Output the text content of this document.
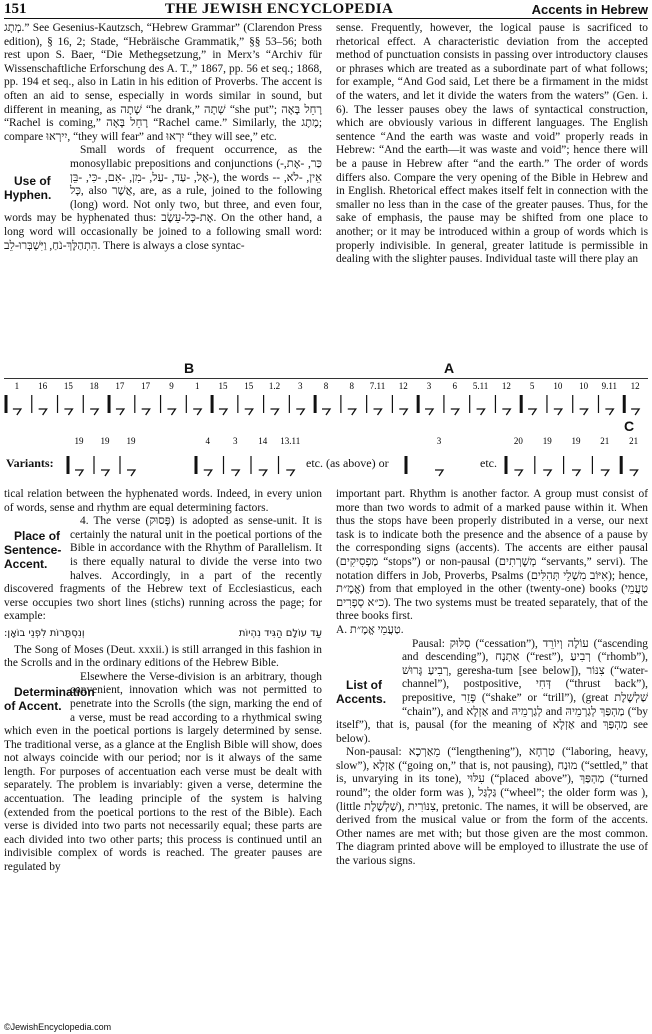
151	THE JEWISH ENCYCLOPEDIA	Accents in Hebrew

מְתָג.” See Gesenius-Kautzsch, “Hebrew Grammar” (Clarendon Press edition), § 16, 2; Stade, “Hebräische Grammatik,” §§ 53–56; both rest upon S. Baer, “Die Methegsetzung,” in Merx’s “Archiv für Wissenschaftliche Erforschung des A. T.,” 1867, pp. 56 et seq.; 1868, pp. 194 et seq., also in Latin in his edition of Proverbs. The accent is often an aid to sense, especially in words similar in sound, but different in meaning, as שָׁתָה “he drank,” שְׁתָה “she put”; רָחֵל בָּאָה “Rachel is coming,” רָחֵל בָּאָה “Rachel came.” Similarly, the מֶתֶג; compare יִירְאוּ, “they will fear” and יִרְאוּ “they will see,” etc.

Use of Hyphen.
Small words of frequent occurrence, as the monosyllabic prepositions and conjunctions (-כַּר, -אֶת, -אֶל, -עַד, -עַל, -מִן, -אִם, -כִּי, -בֵּן), the words -אֵין, -לֹא, -כָּל, also אֲשֶׁר, are, as a rule, joined to the following (long) word. Not only two, but three, and even four, words may be hyphenated thus: אֶת-כָּל-עֵשֶׂב. On the other hand, a long word will occasionally be joined to a following small word: הִתְהַלֶּךְ-נֹחַ, וַיִּשְׁבְּרוּ-לֵב. There is always a close syntac-

sense. Frequently, however, the logical pause is sacrificed to rhetorical effect. A characteristic deviation from the accepted method of punctuation consists in passing over introductory clauses or phrases which are treated as a subordinate part of what follows; for example, “And God said, Let there be a firmament in the midst of the waters, and let it divide the waters from the waters” (Gen. i. 6). The lesser pauses obey the laws of syntactical construction, which are obviously various in different languages. The English sentence “And the earth was waste and void” properly reads in Hebrew: “And the earth—it was waste and void”; hence there will be a pause in Hebrew after “and the earth.” The order of words differs also. Compare the very opening of the Bible in Hebrew and in English. Rhetorical effect makes itself felt in connection with the smaller no less than in the case of the greater pauses. Thus, for the sake of emphasis, the pause may be shifted from one place to another; or it may be introduced within a group of words which is properly indivisible. In general, greater latitude is permissible in dealing with the slighter pauses. Individual taste will there play an

B	A
C
1 16 15 18 17 17 9 1 15 15 1.2 3 8 8 7.11 12 3 6 5.11 12 5 10 10 9.11 12
19 19 19	4	3 14 13.11	3	20 19 19 21 21
Variants:	etc. (as above) or	etc.

tical relation between the hyphenated words. Indeed, in every union of words, sense and rhythm are equal determining factors.

Place of Sentence-Accent.
4. The verse (פָּסוּק) is adopted as sense-unit. It is certainly the natural unit in the poetical portions of the Bible in accordance with the Rhythm of Parallelism. It is there equally natural to divide the verse into two halves. Accordingly, in a part of the recently discovered fragments of the Hebrew text of Ecclesiasticus, each verse occupies two short lines (stichs) running across the page; for example:

עַד עוֹלָם הַגִּיד נִהְיוֹת
וְנִסְתָּרוֹת לִפְנֵי בוֹאָן:

The Song of Moses (Deut. xxxii.) is still arranged in this fashion in the Scrolls and in the ordinary editions of the Hebrew Bible.

Determination of Accent.
Elsewhere the Verse-division is an arbitrary, though convenient, innovation which was not permitted to penetrate into the Scrolls (the sign, marking the end of a verse, must be read according to a rhythmical swing which even in the poetical portions is largely determined by sense. The traditional verse, as a glance at the English Bible will show, does not always coincide with our period; nor is it always of the same length. For purposes of accentuation each verse must be dealt with separately. The problem is invariably: given a verse, determine the accentuation. The leading principle of the system is halving (extended from the poetical portions to the rest of the Bible). Each verse is divided into two parts not necessarily equal; these parts are each divided into two other parts; this process is continued until an indivisible complex of words is reached. The greater pauses are regulated by

important part. Rhythm is another factor. A group must consist of more than two words to admit of a marked pause within it. When thus the stops have been properly distributed in a verse, our next task is to indicate both the presence and the absence of a pause by the corresponding signs (accents). The accents are either pausal (מַפְסִיקִים “stops”) or non-pausal (מְשָׁרְתִים “servants,” servi). The notation differs in Job, Proverbs, Psalms (אִיּוֹב מִשְׁלֵי תְּהִלִּים); hence, אֱמֶ״ת) from that employed in the other (twenty-one) books (טַעֲמֵי כ״א סְפָרִים). The two systems must be treated separately, that of the three books first.

A. טַעֲמֵי אֱמֶ״ת.

List of Accents.
Pausal: סִלּוּק (“cessation”), עוֹלֶה וְיוֹרֵד (“ascending and descending”), אַתְנָח (“rest”), רְבִיעַ (“rhomb”), רְבִיעַ גָּרוּשׁ, geresha-tum [see below]), צִנּוֹר (“water-channel”), postpositive, דְּחִי (“thrust back”), prepositive, פָּזֵר (“shake” or “trill”), (great שַׁלְשֶׁלֶת “chain”), and אַזְלָא and לְגַרְמֵיהּ and מַהְפַּךְ לְגַרְמֵיהּ (“by itself”), that is, pausal (for the meaning of אַזְלָא and מַהְפַּךְ see below).

Non-pausal: מֵאַרְכָא (“lengthening”), טַרְחָא (“laboring, heavy, slow”), אַזְלָא (“going on,” that is, not pausing), מוּנַח (“settled,” that is, unvarying in its tone), עִלּוּי (“placed above”), מַהְפַּךְ (“turned round”; the older form was ), גַּלְגַּל (“wheel”; the older form was ), (little שַׁלְשֶׁלֶת), צִנּוֹרִית, pretonic. The names, it will be observed, are derived from the musical value or from the form of the accents. Other names are met with; but those given are the most common. The diagram printed above will be employed to illustrate the use of the various signs.

©JewishEncyclopedia.com
